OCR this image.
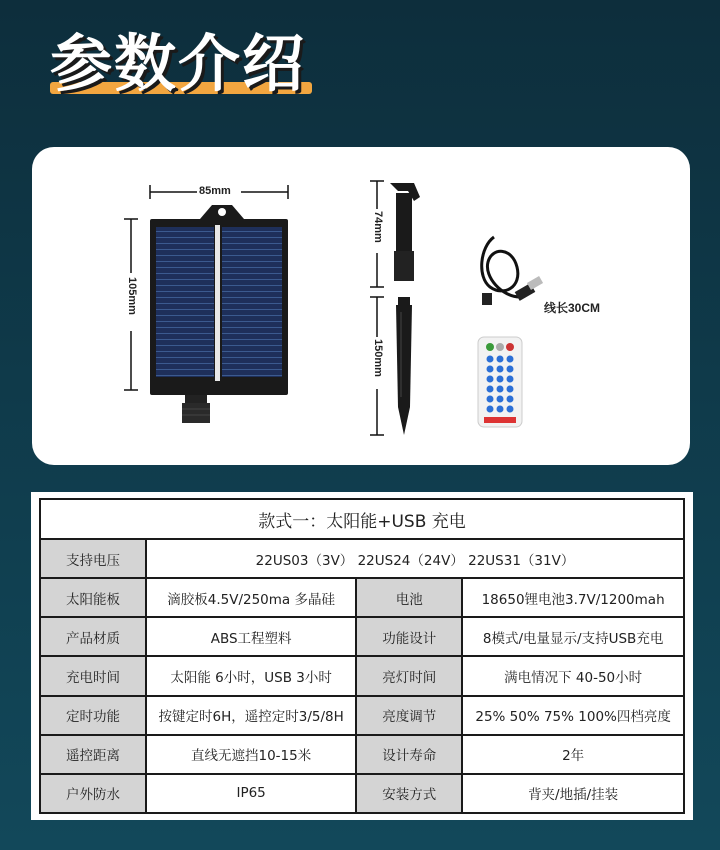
参数介绍
85mm
105mm
74mm
150mm
线长30CM
款式一：太阳能+USB 充电			
支持电压	22US03（3V） 22US24（24V） 22US31（31V）		
太阳能板	滴胶板4.5V/250ma 多晶硅	电池	18650锂电池3.7V/1200mah
产品材质	ABS工程塑料	功能设计	8模式/电量显示/支持USB充电
充电时间	太阳能 6小时，USB 3小时	亮灯时间	满电情况下 40-50小时
定时功能	按键定时6H，遥控定时3/5/8H	亮度调节	25% 50% 75% 100%四档亮度
遥控距离	直线无遮挡10-15米	设计寿命	2年
户外防水	IP65	安装方式	背夹/地插/挂装
